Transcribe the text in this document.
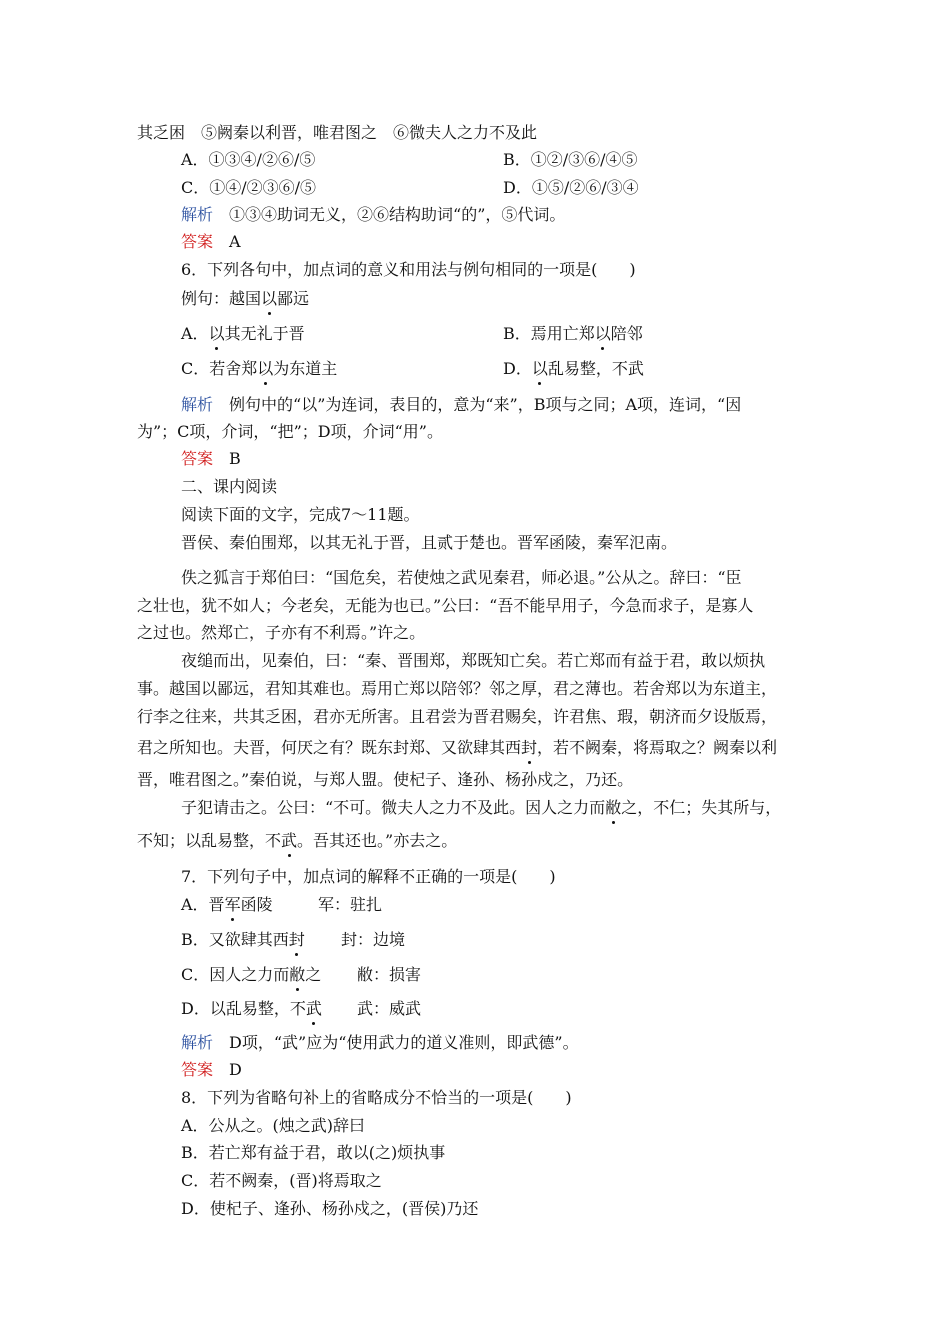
其乏困　⑤阙秦以利晋，唯君图之　⑥微夫人之力不及此
A．①③④/②⑥/⑤	B．①②/③⑥/④⑤
C．①④/②③⑥/⑤	D．①⑤/②⑥/③④
解析 ①③④助词无义，②⑥结构助词“的”，⑤代词。
答案 A
6．下列各句中，加点词的意义和用法与例句相同的一项是(　　)
例句：越国以鄙远
A．以其无礼于晋	B．焉用亡郑以陪邻
C．若舍郑以为东道主	D．以乱易整，不武
解析 例句中的“以”为连词，表目的，意为“来”，B项与之同；A项，连词，“因
为”；C项，介词，“把”；D项，介词“用”。
答案 B
二、课内阅读
阅读下面的文字，完成7～11题。
晋侯、秦伯围郑，以其无礼于晋，且贰于楚也。晋军函陵，秦军氾南。
佚之狐言于郑伯曰：“国危矣，若使烛之武见秦君，师必退。”公从之。辞曰：“臣
之壮也，犹不如人；今老矣，无能为也已。”公曰：“吾不能早用子，今急而求子，是寡人
之过也。然郑亡，子亦有不利焉。”许之。
夜缒而出，见秦伯，曰：“秦、晋围郑，郑既知亡矣。若亡郑而有益于君，敢以烦执
事。越国以鄙远，君知其难也。焉用亡郑以陪邻？邻之厚，君之薄也。若舍郑以为东道主，
行李之往来，共其乏困，君亦无所害。且君尝为晋君赐矣，许君焦、瑕，朝济而夕设版焉，
君之所知也。夫晋，何厌之有？既东封郑、又欲肆其西封，若不阙秦，将焉取之？阙秦以利
晋，唯君图之。”秦伯说，与郑人盟。使杞子、逢孙、杨孙戍之，乃还。
子犯请击之。公曰：“不可。微夫人之力不及此。因人之力而敝之，不仁；失其所与，
不知；以乱易整，不武。吾其还也。”亦去之。
7．下列句子中，加点词的解释不正确的一项是(　　)
A．晋军函陵	军：驻扎
B．又欲肆其西封 封：边境
C．因人之力而敝之 敝：损害
D．以乱易整，不武 武：威武
解析 D项，“武”应为“使用武力的道义准则，即武德”。
答案 D
8．下列为省略句补上的省略成分不恰当的一项是(　　)
A．公从之。(烛之武)辞曰
B．若亡郑有益于君，敢以(之)烦执事
C．若不阙秦，(晋)将焉取之
D．使杞子、逢孙、杨孙戍之，(晋侯)乃还
